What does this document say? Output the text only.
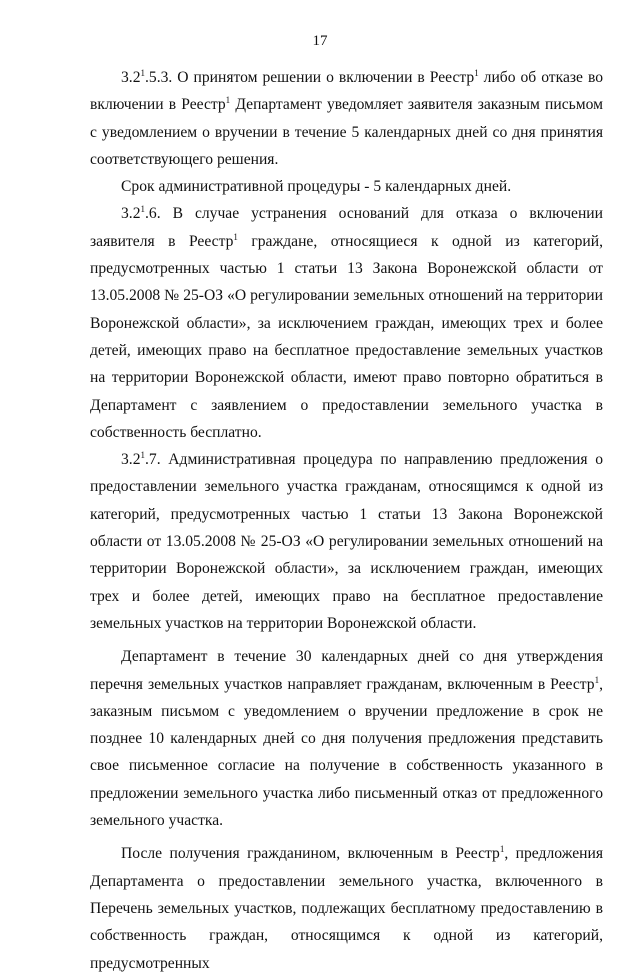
17

$3.2^1.5.3$. О принятом решении о включении в Реестр$^1$ либо об отказе во включении в Реестр$^1$ Департамент уведомляет заявителя заказным письмом с уведомлением о вручении в течение 5 календарных дней со дня принятия соответствующего решения.

Срок административной процедуры - 5 календарных дней.

$3.2^1.6$. В случае устранения оснований для отказа о включении заявителя в Реестр$^1$ граждане, относящиеся к одной из категорий, предусмотренных частью 1 статьи 13 Закона Воронежской области от 13.05.2008 № 25-ОЗ «О регулировании земельных отношений на территории Воронежской области», за исключением граждан, имеющих трех и более детей, имеющих право на бесплатное предоставление земельных участков на территории Воронежской области, имеют право повторно обратиться в Департамент с заявлением о предоставлении земельного участка в собственность бесплатно.

$3.2^1.7$. Административная процедура по направлению предложения о предоставлении земельного участка гражданам, относящимся к одной из категорий, предусмотренных частью 1 статьи 13 Закона Воронежской области от 13.05.2008 № 25-ОЗ «О регулировании земельных отношений на территории Воронежской области», за исключением граждан, имеющих трех и более детей, имеющих право на бесплатное предоставление земельных участков на территории Воронежской области.

Департамент в течение 30 календарных дней со дня утверждения перечня земельных участков направляет гражданам, включенным в Реестр$^1$, заказным письмом с уведомлением о вручении предложение в срок не позднее 10 календарных дней со дня получения предложения представить свое письменное согласие на получение в собственность указанного в предложении земельного участка либо письменный отказ от предложенного земельного участка.

После получения гражданином, включенным в Реестр$^1$, предложения Департамента о предоставлении земельного участка, включенного в Перечень земельных участков, подлежащих бесплатному предоставлению в собственность граждан, относящимся к одной из категорий, предусмотренных
